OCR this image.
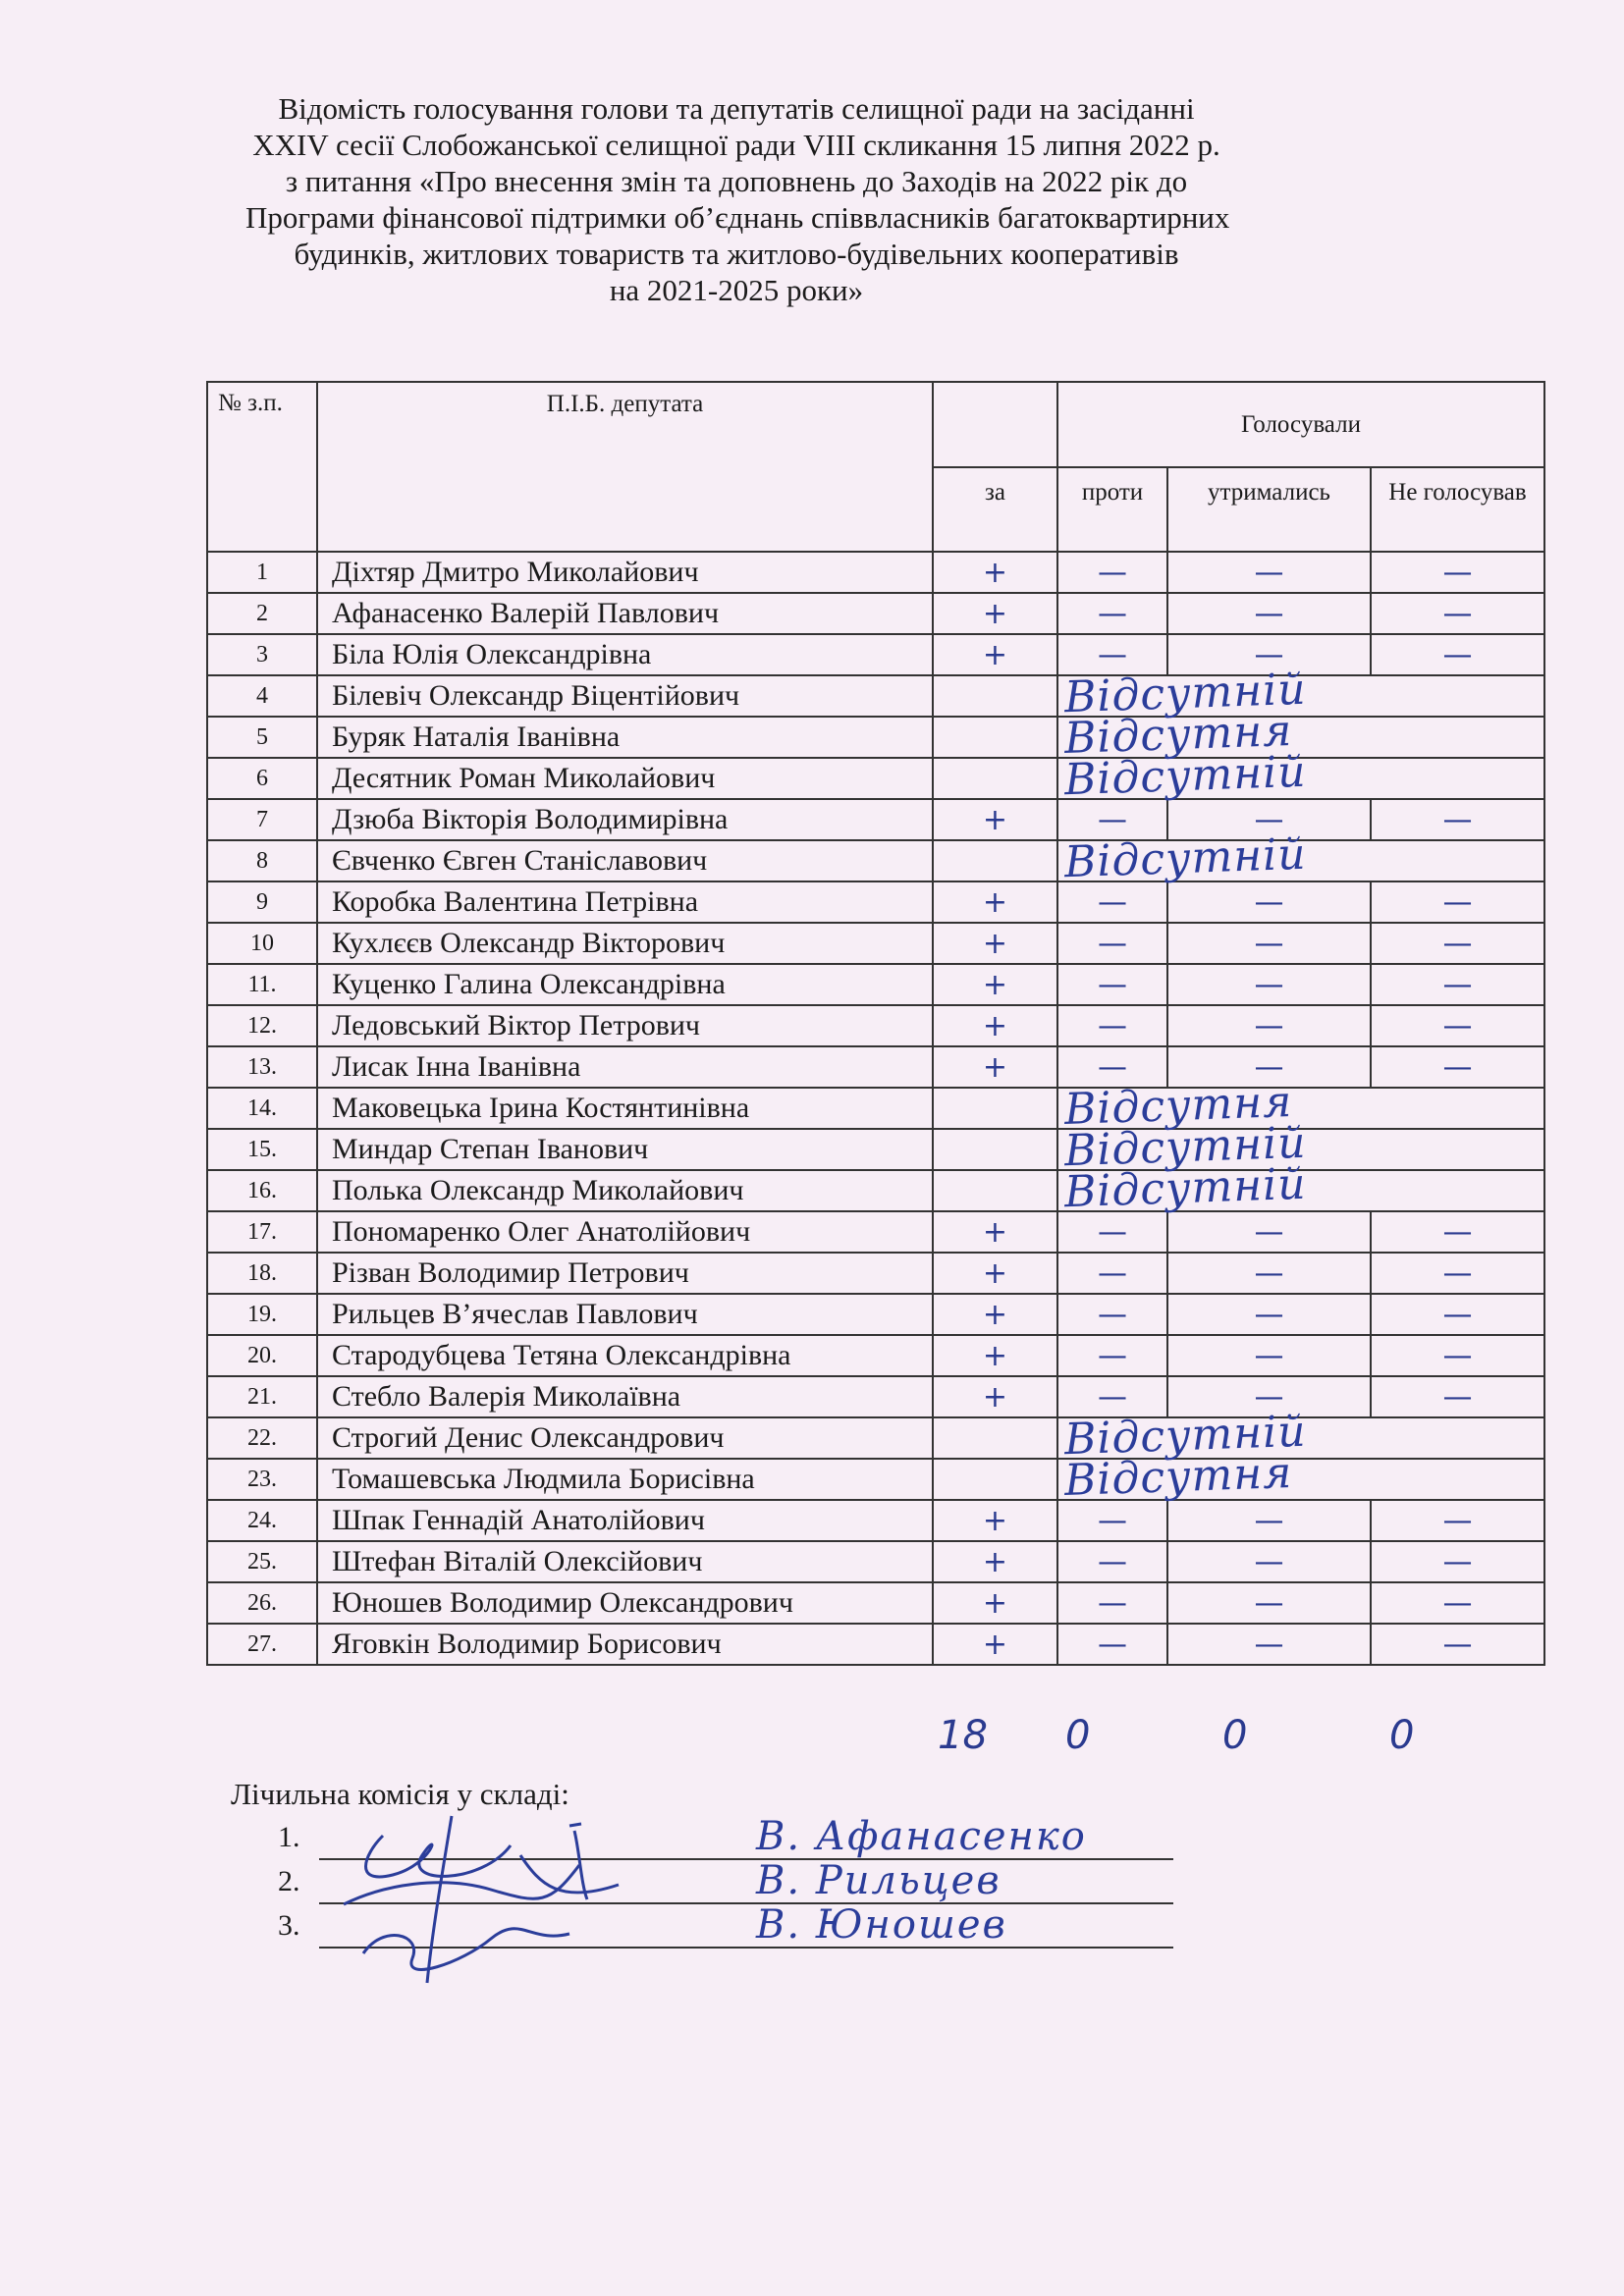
Відомість голосування голови та депутатів селищної ради на засіданні
XXIV сесії Слобожанської селищної ради VIII скликання 15 липня 2022 р.
з питання «Про внесення змін та доповнень до Заходів на 2022 рік до
Програми фінансової підтримки об’єднань співвласників багатоквартирних
будинків, житлових товариств та житлово-будівельних кооперативів
на 2021-2025 роки»
№ з.п.	П.І.Б. депутата		Голосували		
		за	проти	утримались	Не голосував
1	Діхтяр Дмитро Миколайович	+	—	—	—
2	Афанасенко Валерій Павлович	+	—	—	—
3	Біла Юлія Олександрівна	+	—	—	—
4	Білевіч Олександр Віцентійович		Відсутній		

5	Буряк Наталія Іванівна		Відсутня		

6	Десятник Роман Миколайович		Відсутній		

7	Дзюба Вікторія Володимирівна	+	—	—	—
8	Євченко Євген Станіславович		Відсутній		

9	Коробка Валентина Петрівна	+	—	—	—
10	Кухлєєв Олександр Вікторович	+	—	—	—
11.	Куценко Галина Олександрівна	+	—	—	—
12.	Ледовський Віктор Петрович	+	—	—	—
13.	Лисак Інна Іванівна	+	—	—	—
14.	Маковецька Ірина Костянтинівна		Відсутня		

15.	Миндар Степан Іванович		Відсутній		

16.	Полька Олександр Миколайович		Відсутній		

17.	Пономаренко Олег Анатолійович	+	—	—	—
18.	Різван Володимир Петрович	+	—	—	—
19.	Рильцев В’ячеслав Павлович	+	—	—	—
20.	Стародубцева Тетяна Олександрівна	+	—	—	—
21.	Стебло Валерія Миколаївна	+	—	—	—
22.	Строгий Денис Олександрович		Відсутній		

23.	Томашевська Людмила Борисівна		Відсутня		

24.	Шпак Геннадій Анатолійович	+	—	—	—
25.	Штефан Віталій Олексійович	+	—	—	—
26.	Юношев Володимир Олександрович	+	—	—	—
27.	Яговкін Володимир Борисович	+	—	—	—
18 0	0	0
Лічильна комісія у складі:
1.	В. Афанасенко
2.	В. Рильцев
3.	В. Юношев
